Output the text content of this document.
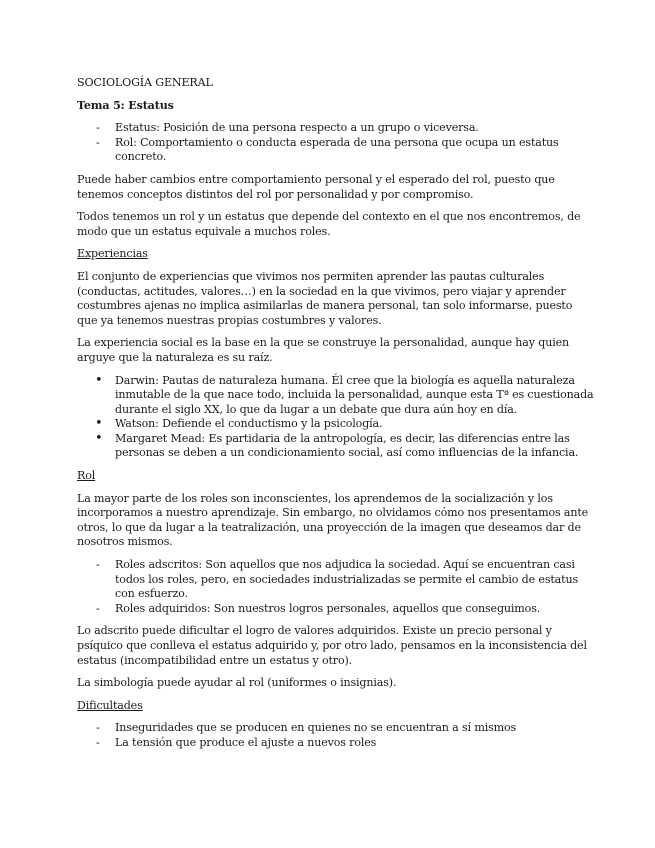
SOCIOLOGÍA GENERAL
Tema 5: Estatus
- Estatus: Posición de una persona respecto a un grupo o viceversa.
- Rol: Comportamiento o conducta esperada de una persona que ocupa un estatus concreto.

Puede haber cambios entre comportamiento personal y el esperado del rol, puesto que tenemos conceptos distintos del rol por personalidad y por compromiso.

Todos tenemos un rol y un estatus que depende del contexto en el que nos encontremos, de modo que un estatus equivale a muchos roles.

Experiencias

El conjunto de experiencias que vivimos nos permiten aprender las pautas culturales (conductas, actitudes, valores…) en la sociedad en la que vivimos, pero viajar y aprender costumbres ajenas no implica asimilarlas de manera personal, tan solo informarse, puesto que ya tenemos nuestras propias costumbres y valores.

La experiencia social es la base en la que se construye la personalidad, aunque hay quien arguye que la naturaleza es su raíz.

• Darwin: Pautas de naturaleza humana. Él cree que la biología es aquella naturaleza inmutable de la que nace todo, incluida la personalidad, aunque esta Tª es cuestionada durante el siglo XX, lo que da lugar a un debate que dura aún hoy en día.
• Watson: Defiende el conductismo y la psicología.
• Margaret Mead: Es partidaria de la antropología, es decir, las diferencias entre las personas se deben a un condicionamiento social, así como influencias de la infancia.
Rol

La mayor parte de los roles son inconscientes, los aprendemos de la socialización y los incorporamos a nuestro aprendizaje. Sin embargo, no olvidamos cómo nos presentamos ante otros, lo que da lugar a la teatralización, una proyección de la imagen que deseamos dar de nosotros mismos.

- Roles adscritos: Son aquellos que nos adjudica la sociedad. Aquí se encuentran casi todos los roles, pero, en sociedades industrializadas se permite el cambio de estatus con esfuerzo.
- Roles adquiridos: Son nuestros logros personales, aquellos que conseguimos.

Lo adscrito puede dificultar el logro de valores adquiridos. Existe un precio personal y psíquico que conlleva el estatus adquirido y, por otro lado, pensamos en la inconsistencia del estatus (incompatibilidad entre un estatus y otro).

La simbología puede ayudar al rol (uniformes o insignias).

Dificultades
- Inseguridades que se producen en quienes no se encuentran a sí mismos
- La tensión que produce el ajuste a nuevos roles
